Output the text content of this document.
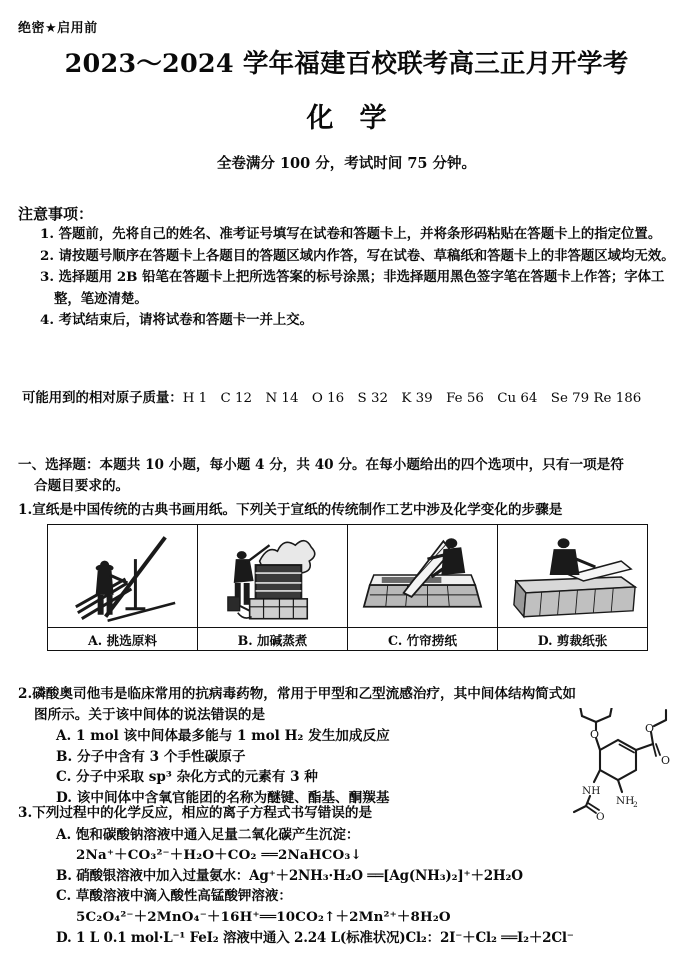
绝密★启用前
2023～2024 学年福建百校联考高三正月开学考
化学
全卷满分 100 分，考试时间 75 分钟。
注意事项：
1. 答题前，先将自己的姓名、准考证号填写在试卷和答题卡上，并将条形码粘贴在答题卡上的指定位置。
2. 请按题号顺序在答题卡上各题目的答题区域内作答，写在试卷、草稿纸和答题卡上的非答题区域均无效。
3. 选择题用 2B 铅笔在答题卡上把所选答案的标号涂黑；非选择题用黑色签字笔在答题卡上作答；字体工整，笔迹清楚。
4. 考试结束后，请将试卷和答题卡一并上交。
可能用到的相对原子质量：H 1　C 12　N 14　O 16　S 32　K 39　Fe 56　Cu 64　Se 79 Re 186
一、选择题：本题共 10 小题，每小题 4 分，共 40 分。在每小题给出的四个选项中，只有一项是符
合题目要求的。
1.宣纸是中国传统的古典书画用纸。下列关于宣纸的传统制作工艺中涉及化学变化的步骤是

A. 挑选原料	B. 加碱蒸煮	C. 竹帘捞纸	D. 剪裁纸张
2.磷酸奥司他韦是临床常用的抗病毒药物，常用于甲型和乙型流感治疗，其中间体结构简式如
图所示。关于该中间体的说法错误的是
A. 1 mol 该中间体最多能与 1 mol H₂ 发生加成反应
B. 分子中含有 3 个手性碳原子
C. 分子中采取 sp³ 杂化方式的元素有 3 种
D. 该中间体中含氧官能团的名称为醚键、酯基、酮羰基
O
O
O
NH
O
NH
2
3.下列过程中的化学反应，相应的离子方程式书写错误的是
A. 饱和碳酸钠溶液中通入足量二氧化碳产生沉淀：
2Na⁺＋CO₃²⁻＋H₂O＋CO₂ ══2NaHCO₃↓
B. 硝酸银溶液中加入过量氨水：Ag⁺＋2NH₃·H₂O ══[Ag(NH₃)₂]⁺＋2H₂O
C. 草酸溶液中滴入酸性高锰酸钾溶液：
5C₂O₄²⁻＋2MnO₄⁻＋16H⁺══10CO₂↑＋2Mn²⁺＋8H₂O
D. 1 L 0.1 mol·L⁻¹ FeI₂ 溶液中通入 2.24 L(标准状况)Cl₂：2I⁻＋Cl₂ ══I₂＋2Cl⁻
